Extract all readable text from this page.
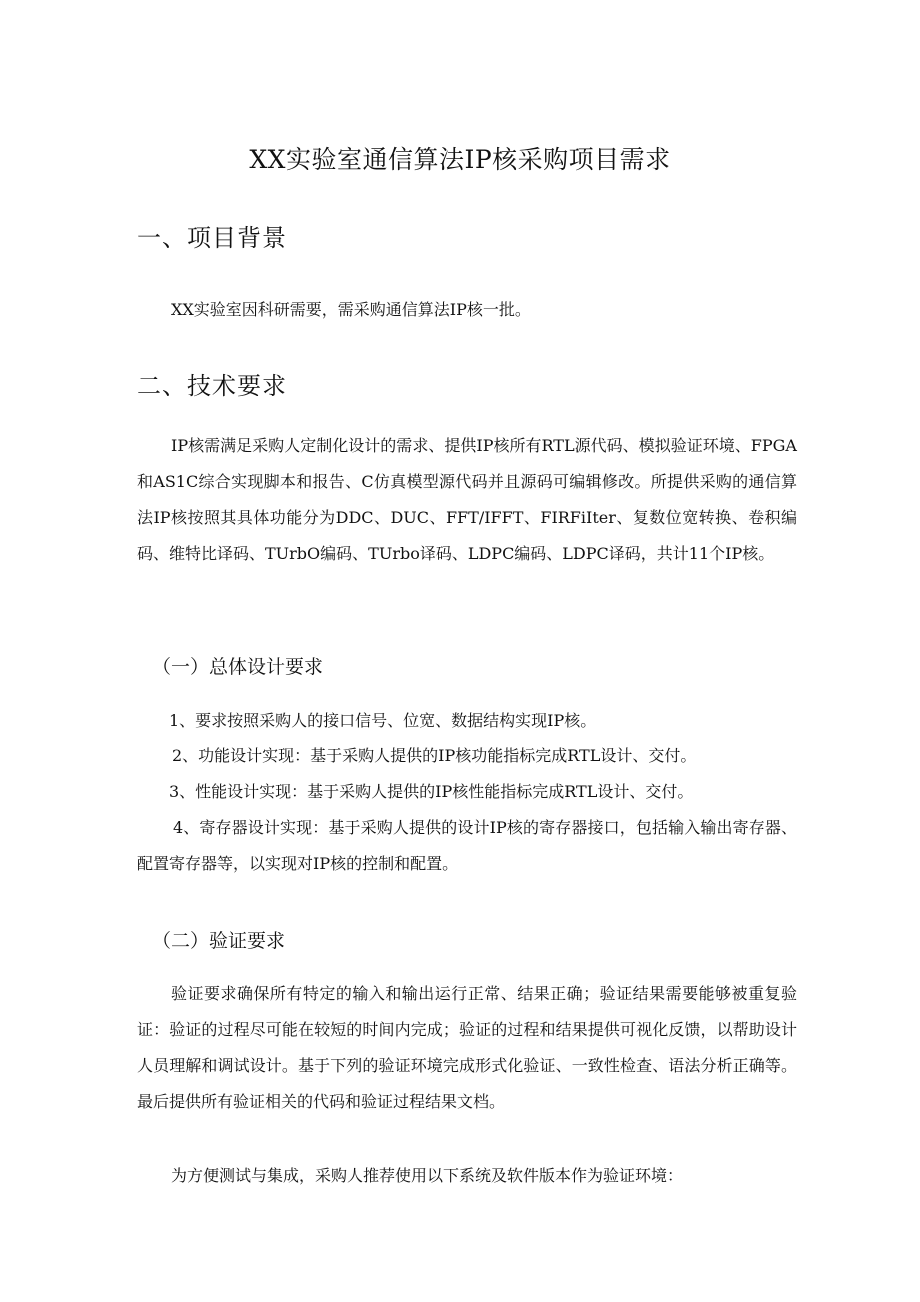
XX实验室通信算法IP核采购项目需求
一、项目背景
XX实验室因科研需要，需采购通信算法IP核一批。
二、技术要求
IP核需满足采购人定制化设计的需求、提供IP核所有RTL源代码、模拟验证环境、FPGA和AS1C综合实现脚本和报告、C仿真模型源代码并且源码可编辑修改。所提供采购的通信算法IP核按照其具体功能分为DDC、DUC、FFT/IFFT、FIRFiIter、复数位宽转换、卷积编码、维特比译码、TUrbO编码、TUrbo译码、LDPC编码、LDPC译码，共计11个IP核。
（一）总体设计要求
1、要求按照采购人的接口信号、位宽、数据结构实现IP核。
2、功能设计实现：基于采购人提供的IP核功能指标完成RTL设计、交付。
3、性能设计实现：基于采购人提供的IP核性能指标完成RTL设计、交付。
4、寄存器设计实现：基于采购人提供的设计IP核的寄存器接口，包括输入输出寄存器、配置寄存器等，以实现对IP核的控制和配置。
（二）验证要求
验证要求确保所有特定的输入和输出运行正常、结果正确；验证结果需要能够被重复验证：验证的过程尽可能在较短的时间内完成；验证的过程和结果提供可视化反馈，以帮助设计人员理解和调试设计。基于下列的验证环境完成形式化验证、一致性检查、语法分析正确等。最后提供所有验证相关的代码和验证过程结果文档。
为方便测试与集成，采购人推荐使用以下系统及软件版本作为验证环境：
